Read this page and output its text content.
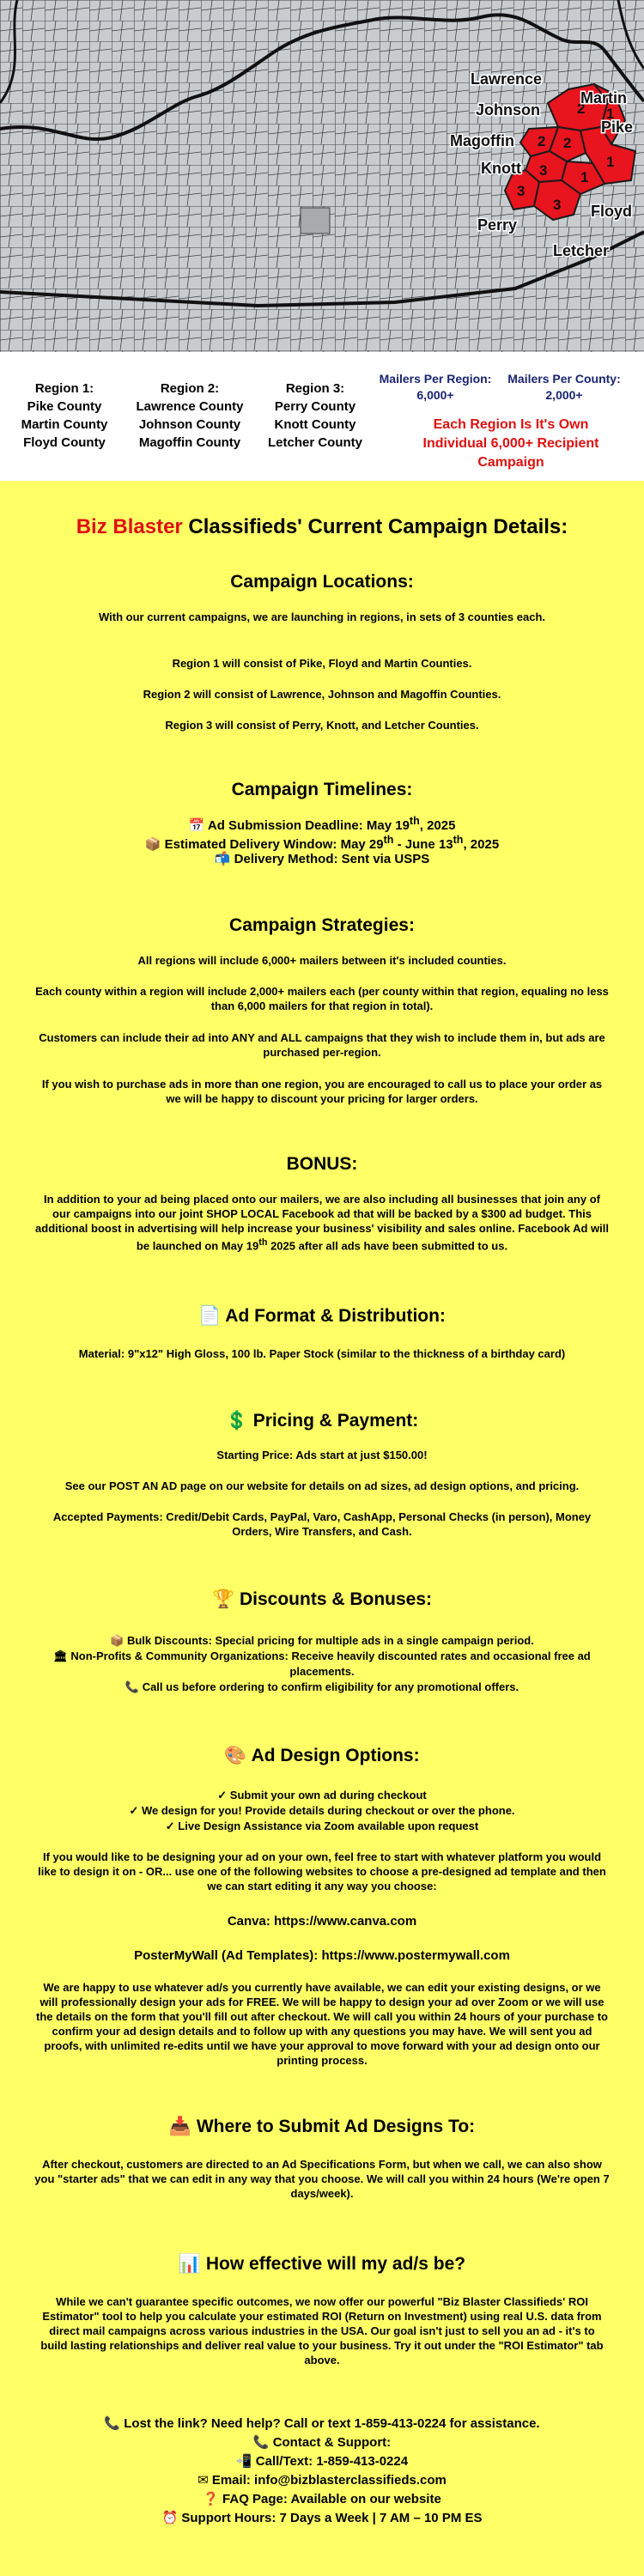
2 1
2
1
2
1
3
3
3
Lawrence
Martin
Johnson
Pike
Magoffin
Knott
Floyd
Perry
Letcher
Region 1:
Pike County
Martin County
Floyd County
Region 2:
Lawrence County
Johnson County
Magoffin County
Region 3:
Perry County
Knott County
Letcher County
Mailers Per Region:
6,000+
Mailers Per County:
2,000+
Each Region Is It's Own Individual 6,000+ Recipient Campaign
Biz Blaster Classifieds' Current Campaign Details:
Campaign Locations:
With our current campaigns, we are launching in regions, in sets of 3 counties each.
Region 1 will consist of Pike, Floyd and Martin Counties.
Region 2 will consist of Lawrence, Johnson and Magoffin Counties.
Region 3 will consist of Perry, Knott, and Letcher Counties.
Campaign Timelines:
📅 Ad Submission Deadline: May 19th, 2025
📦 Estimated Delivery Window: May 29th - June 13th, 2025
📬 Delivery Method: Sent via USPS
Campaign Strategies:
All regions will include 6,000+ mailers between it's included counties.
Each county within a region will include 2,000+ mailers each (per county within that region, equaling no less than 6,000 mailers for that region in total).
Customers can include their ad into ANY and ALL campaigns that they wish to include them in, but ads are purchased per-region.
If you wish to purchase ads in more than one region, you are encouraged to call us to place your order as we will be happy to discount your pricing for larger orders.
BONUS:
In addition to your ad being placed onto our mailers, we are also including all businesses that join any of our campaigns into our joint SHOP LOCAL Facebook ad that will be backed by a $300 ad budget. This additional boost in advertising will help increase your business' visibility and sales online. Facebook Ad will be launched on May 19th 2025 after all ads have been submitted to us.
📄 Ad Format & Distribution:
Material: 9"x12" High Gloss, 100 lb. Paper Stock (similar to the thickness of a birthday card)
💲 Pricing & Payment:
Starting Price: Ads start at just $150.00!
See our POST AN AD page on our website for details on ad sizes, ad design options, and pricing.
Accepted Payments: Credit/Debit Cards, PayPal, Varo, CashApp, Personal Checks (in person), Money Orders, Wire Transfers, and Cash.
🏆 Discounts & Bonuses:
📦 Bulk Discounts: Special pricing for multiple ads in a single campaign period.
🏛 Non-Profits & Community Organizations: Receive heavily discounted rates and occasional free ad placements.
📞 Call us before ordering to confirm eligibility for any promotional offers.
🎨 Ad Design Options:
✓ Submit your own ad during checkout
✓ We design for you! Provide details during checkout or over the phone.
✓ Live Design Assistance via Zoom available upon request
If you would like to be designing your ad on your own, feel free to start with whatever platform you would like to design it on - OR... use one of the following websites to choose a pre-designed ad template and then we can start editing it any way you choose:
Canva: https://www.canva.com
PosterMyWall (Ad Templates): https://www.postermywall.com
We are happy to use whatever ad/s you currently have available, we can edit your existing designs, or we will professionally design your ads for FREE. We will be happy to design your ad over Zoom or we will use the details on the form that you'll fill out after checkout. We will call you within 24 hours of your purchase to confirm your ad design details and to follow up with any questions you may have. We will sent you ad proofs, with unlimited re-edits until we have your approval to move forward with your ad design onto our printing process.
📥 Where to Submit Ad Designs To:
After checkout, customers are directed to an Ad Specifications Form, but when we call, we can also show you "starter ads" that we can edit in any way that you choose. We will call you within 24 hours (We're open 7 days/week).
📊 How effective will my ad/s be?
While we can't guarantee specific outcomes, we now offer our powerful "Biz Blaster Classifieds' ROI Estimator" tool to help you calculate your estimated ROI (Return on Investment) using real U.S. data from direct mail campaigns across various industries in the USA. Our goal isn't just to sell you an ad - it's to build lasting relationships and deliver real value to your business. Try it out under the "ROI Estimator" tab above.
📞 Lost the link? Need help? Call or text 1-859-413-0224 for assistance.
📞 Contact & Support:
📲 Call/Text: 1-859-413-0224
✉ Email: info@bizblasterclassifieds.com
❓ FAQ Page: Available on our website
⏰ Support Hours: 7 Days a Week | 7 AM – 10 PM ES
